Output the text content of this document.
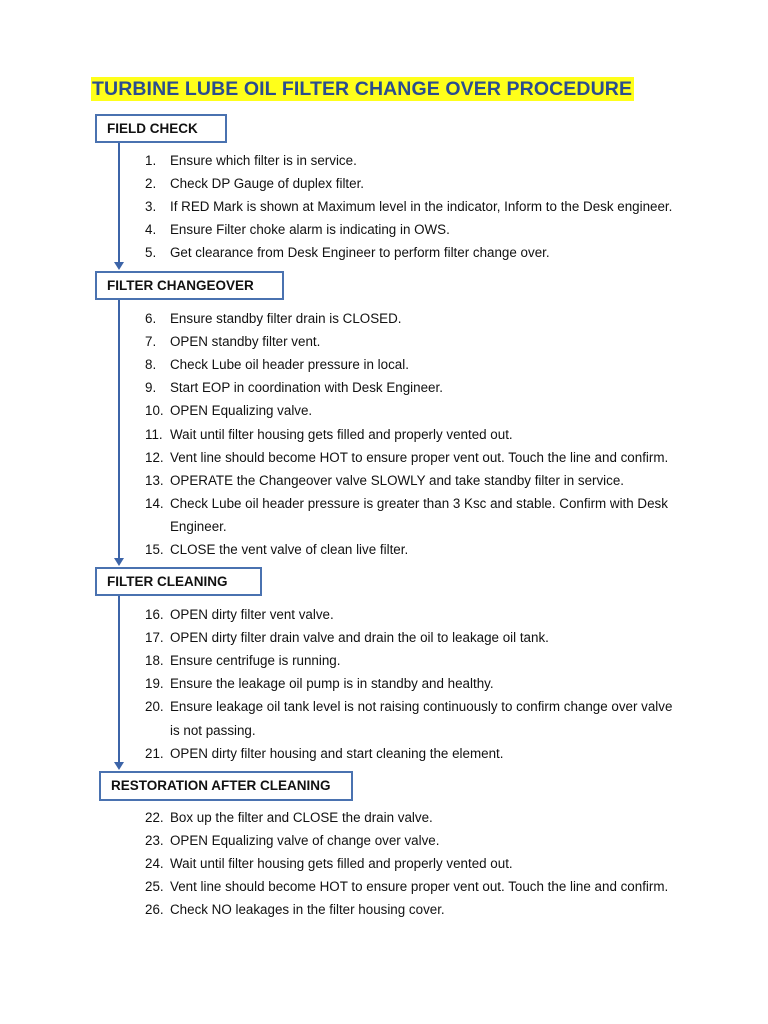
TURBINE LUBE OIL FILTER CHANGE OVER PROCEDURE
FIELD CHECK
1.	Ensure which filter is in service.
2.	Check DP Gauge of duplex filter.
3.	If RED Mark is shown at Maximum level in the indicator, Inform to the Desk engineer.
4.	Ensure Filter choke alarm is indicating in OWS.
5.	Get clearance from Desk Engineer to perform filter change over.
FILTER CHANGEOVER
6.	Ensure standby filter drain is CLOSED.
7.	OPEN standby filter vent.
8.	Check Lube oil header pressure in local.
9.	Start EOP in coordination with Desk Engineer.
10. OPEN Equalizing valve.
11. Wait until filter housing gets filled and properly vented out.
12. Vent line should become HOT to ensure proper vent out. Touch the line and confirm.
13. OPERATE the Changeover valve SLOWLY and take standby filter in service.
14. Check Lube oil header pressure is greater than 3 Ksc and stable. Confirm with Desk
Engineer.
15. CLOSE the vent valve of clean live filter.
FILTER CLEANING
16. OPEN dirty filter vent valve.
17. OPEN dirty filter drain valve and drain the oil to leakage oil tank.
18. Ensure centrifuge is running.
19. Ensure the leakage oil pump is in standby and healthy.
20. Ensure leakage oil tank level is not raising continuously to confirm change over valve
is not passing.
21. OPEN dirty filter housing and start cleaning the element.
RESTORATION AFTER CLEANING
22. Box up the filter and CLOSE the drain valve.
23. OPEN Equalizing valve of change over valve.
24. Wait until filter housing gets filled and properly vented out.
25. Vent line should become HOT to ensure proper vent out. Touch the line and confirm.
26. Check NO leakages in the filter housing cover.
